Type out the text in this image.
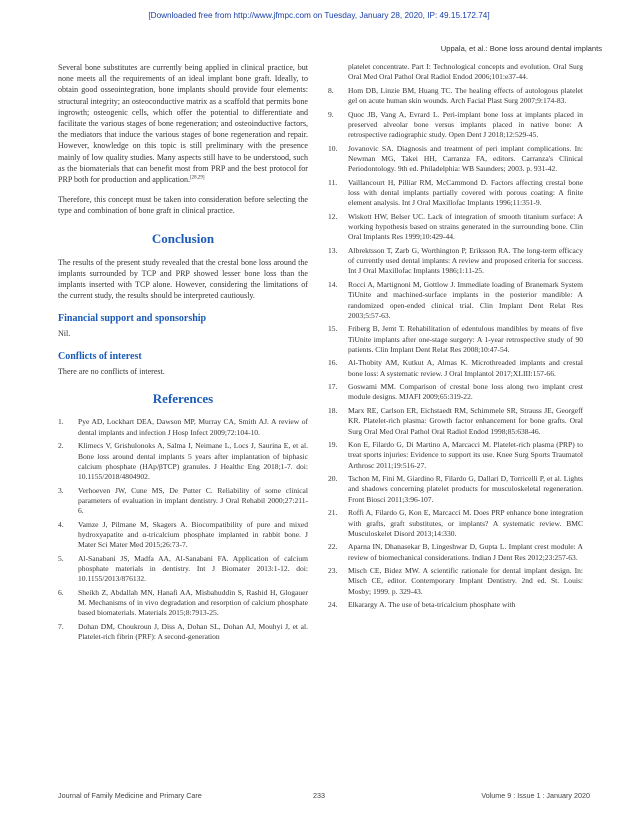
[Downloaded free from http://www.jfmpc.com on Tuesday, January 28, 2020, IP: 49.15.172.74]
Uppala, et al.: Bone loss around dental implants

Several bone substitutes are currently being applied in clinical practice, but none meets all the requirements of an ideal implant bone graft. Ideally, to obtain good osseointegration, bone implants should provide four elements: structural integrity; an osteoconductive matrix as a scaffold that permits bone ingrowth; osteogenic cells, which offer the potential to differentiate and facilitate the various stages of bone regeneration; and osteoinductive factors, the mediators that induce the various stages of bone regeneration and repair. However, knowledge on this topic is still preliminary with the presence mainly of low quality studies. Many aspects still have to be understood, such as the biomaterials that can benefit most from PRP and the best protocol for PRP both for production and application.[28,29]

Therefore, this concept must be taken into consideration before selecting the type and combination of bone graft in clinical practice.

Conclusion

The results of the present study revealed that the crestal bone loss around the implants surrounded by TCP and PRP showed lesser bone loss than the implants inserted with TCP alone. However, considering the limitations of the current study, the results should be interpreted cautiously.

Financial support and sponsorship

Nil.

Conflicts of interest

There are no conflicts of interest.

References
1.	Pye AD, Lockhart DEA, Dawson MP, Murray CA, Smith AJ. A review of dental implants and infection J Hosp Infect 2009;72:104-10.
2.	Klimecs V, Grishulonoks A, Salma I, Neimane L, Locs J, Saurina E, et al. Bone loss around dental implants 5 years after implantation of biphasic calcium phosphate (HAp/βTCP) granules. J Healthc Eng 2018;1-7. doi: 10.1155/2018/4804902.
3.	Verhoeven JW, Cune MS, De Putter C. Reliability of some clinical parameters of evaluation in implant dentistry. J Oral Rehabil 2000;27:211-6.
4.	Vamze J, Pilmane M, Skagers A. Biocompatibility of pure and mixed hydroxyapatite and α-tricalcium phosphate implanted in rabbit bone. J Mater Sci Mater Med 2015;26:73-7.
5.	Al-Sanabani JS, Madfa AA, Al-Sanabani FA. Application of calcium phosphate materials in dentistry. Int J Biomater 2013:1-12. doi: 10.1155/2013/876132.
6.	Sheikh Z, Abdallah MN, Hanafi AA, Misbahuddin S, Rashid H, Glogauer M. Mechanisms of in vivo degradation and resorption of calcium phosphate based biomaterials. Materials 2015;8:7913-25.
7.	Dohan DM, Choukroun J, Diss A, Dohan SL, Dohan AJ, Mouhyi J, et al. Platelet-rich fibrin (PRF): A second-generation
platelet concentrate. Part I: Technological concepts and evolution. Oral Surg Oral Med Oral Pathol Oral Radiol Endod 2006;101:e37-44.
8.	Hom DB, Linzie BM, Huang TC. The healing effects of autologous platelet gel on acute human skin wounds. Arch Facial Plast Surg 2007;9:174-83.
9.	Quoc JB, Vang A, Evrard L. Peri-implant bone loss at implants placed in preserved alveolar bone versus implants placed in native bone: A retrospective radiographic study. Open Dent J 2018;12:529-45.
10.	Jovanovic SA. Diagnosis and treatment of peri implant complications. In: Newman MG, Takei HH, Carranza FA, editors. Carranza's Clinical Periodontology. 9th ed. Philadelphia: WB Saunders; 2003. p. 931-42.
11.	Vaillancourt H, Pilliar RM, McCammond D. Factors affecting crestal bone loss with dental implants partially covered with porous coating: A finite element analysis. Int J Oral Maxillofac Implants 1996;11:351-9.
12.	Wiskott HW, Belser UC. Lack of integration of smooth titanium surface: A working hypothesis based on strains generated in the surrounding bone. Clin Oral Implants Res 1999;10:429-44.
13.	Albrektsson T, Zarb G, Worthington P, Eriksson RA. The long-term efficacy of currently used dental implants: A review and proposed criteria for success. Int J Oral Maxillofac Implants 1986;1:11-25.
14.	Rocci A, Martignoni M, Gottlow J. Immediate loading of Branemark System TiUnite and machined-surface implants in the posterior mandible: A randomized open-ended clinical trial. Clin Implant Dent Relat Res 2003;5:57-63.
15.	Friberg B, Jemt T. Rehabilitation of edentulous mandibles by means of five TiUnite implants after one-stage surgery: A 1-year retrospective study of 90 patients. Clin Implant Dent Relat Res 2008;10:47-54.
16.	Al-Thobity AM, Kutkut A, Almas K. Microthreaded implants and crestal bone loss: A systematic review. J Oral Implantol 2017;XLIII:157-66.
17.	Goswami MM. Comparison of crestal bone loss along two implant crest module designs. MJAFI 2009;65:319-22.
18.	Marx RE, Carlson ER, Eichstaedt RM, Schimmele SR, Strauss JE, Georgeff KR. Platelet-rich plasma: Growth factor enhancement for bone grafts. Oral Surg Oral Med Oral Pathol Oral Radiol Endod 1998;85:638-46.
19.	Kon E, Filardo G, Di Martino A, Marcacci M. Platelet-rich plasma (PRP) to treat sports injuries: Evidence to support its use. Knee Surg Sports Traumatol Arthrosc 2011;19:516-27.
20.	Tschon M, Fini M, Giardino R, Filardo G, Dallari D, Torricelli P, et al. Lights and shadows concerning platelet products for musculoskeletal regeneration. Front Biosci 2011;3:96-107.
21.	Roffi A, Filardo G, Kon E, Marcacci M. Does PRP enhance bone integration with grafts, graft substitutes, or implants? A systematic review. BMC Musculoskelet Disord 2013;14:330.
22.	Aparna IN, Dhanasekar B, Lingeshwar D, Gupta L. Implant crest module: A review of biomechanical considerations. Indian J Dent Res 2012;23:257-63.
23.	Misch CE, Bidez MW. A scientific rationale for dental implant design. In: Misch CE, editor. Contemporary Implant Dentistry. 2nd ed. St. Louis: Mosby; 1999. p. 329-43.
24.	Elkarargy A. The use of beta-tricalcium phosphate with
Journal of Family Medicine and Primary Care	233	Volume 9 : Issue 1 : January 2020
